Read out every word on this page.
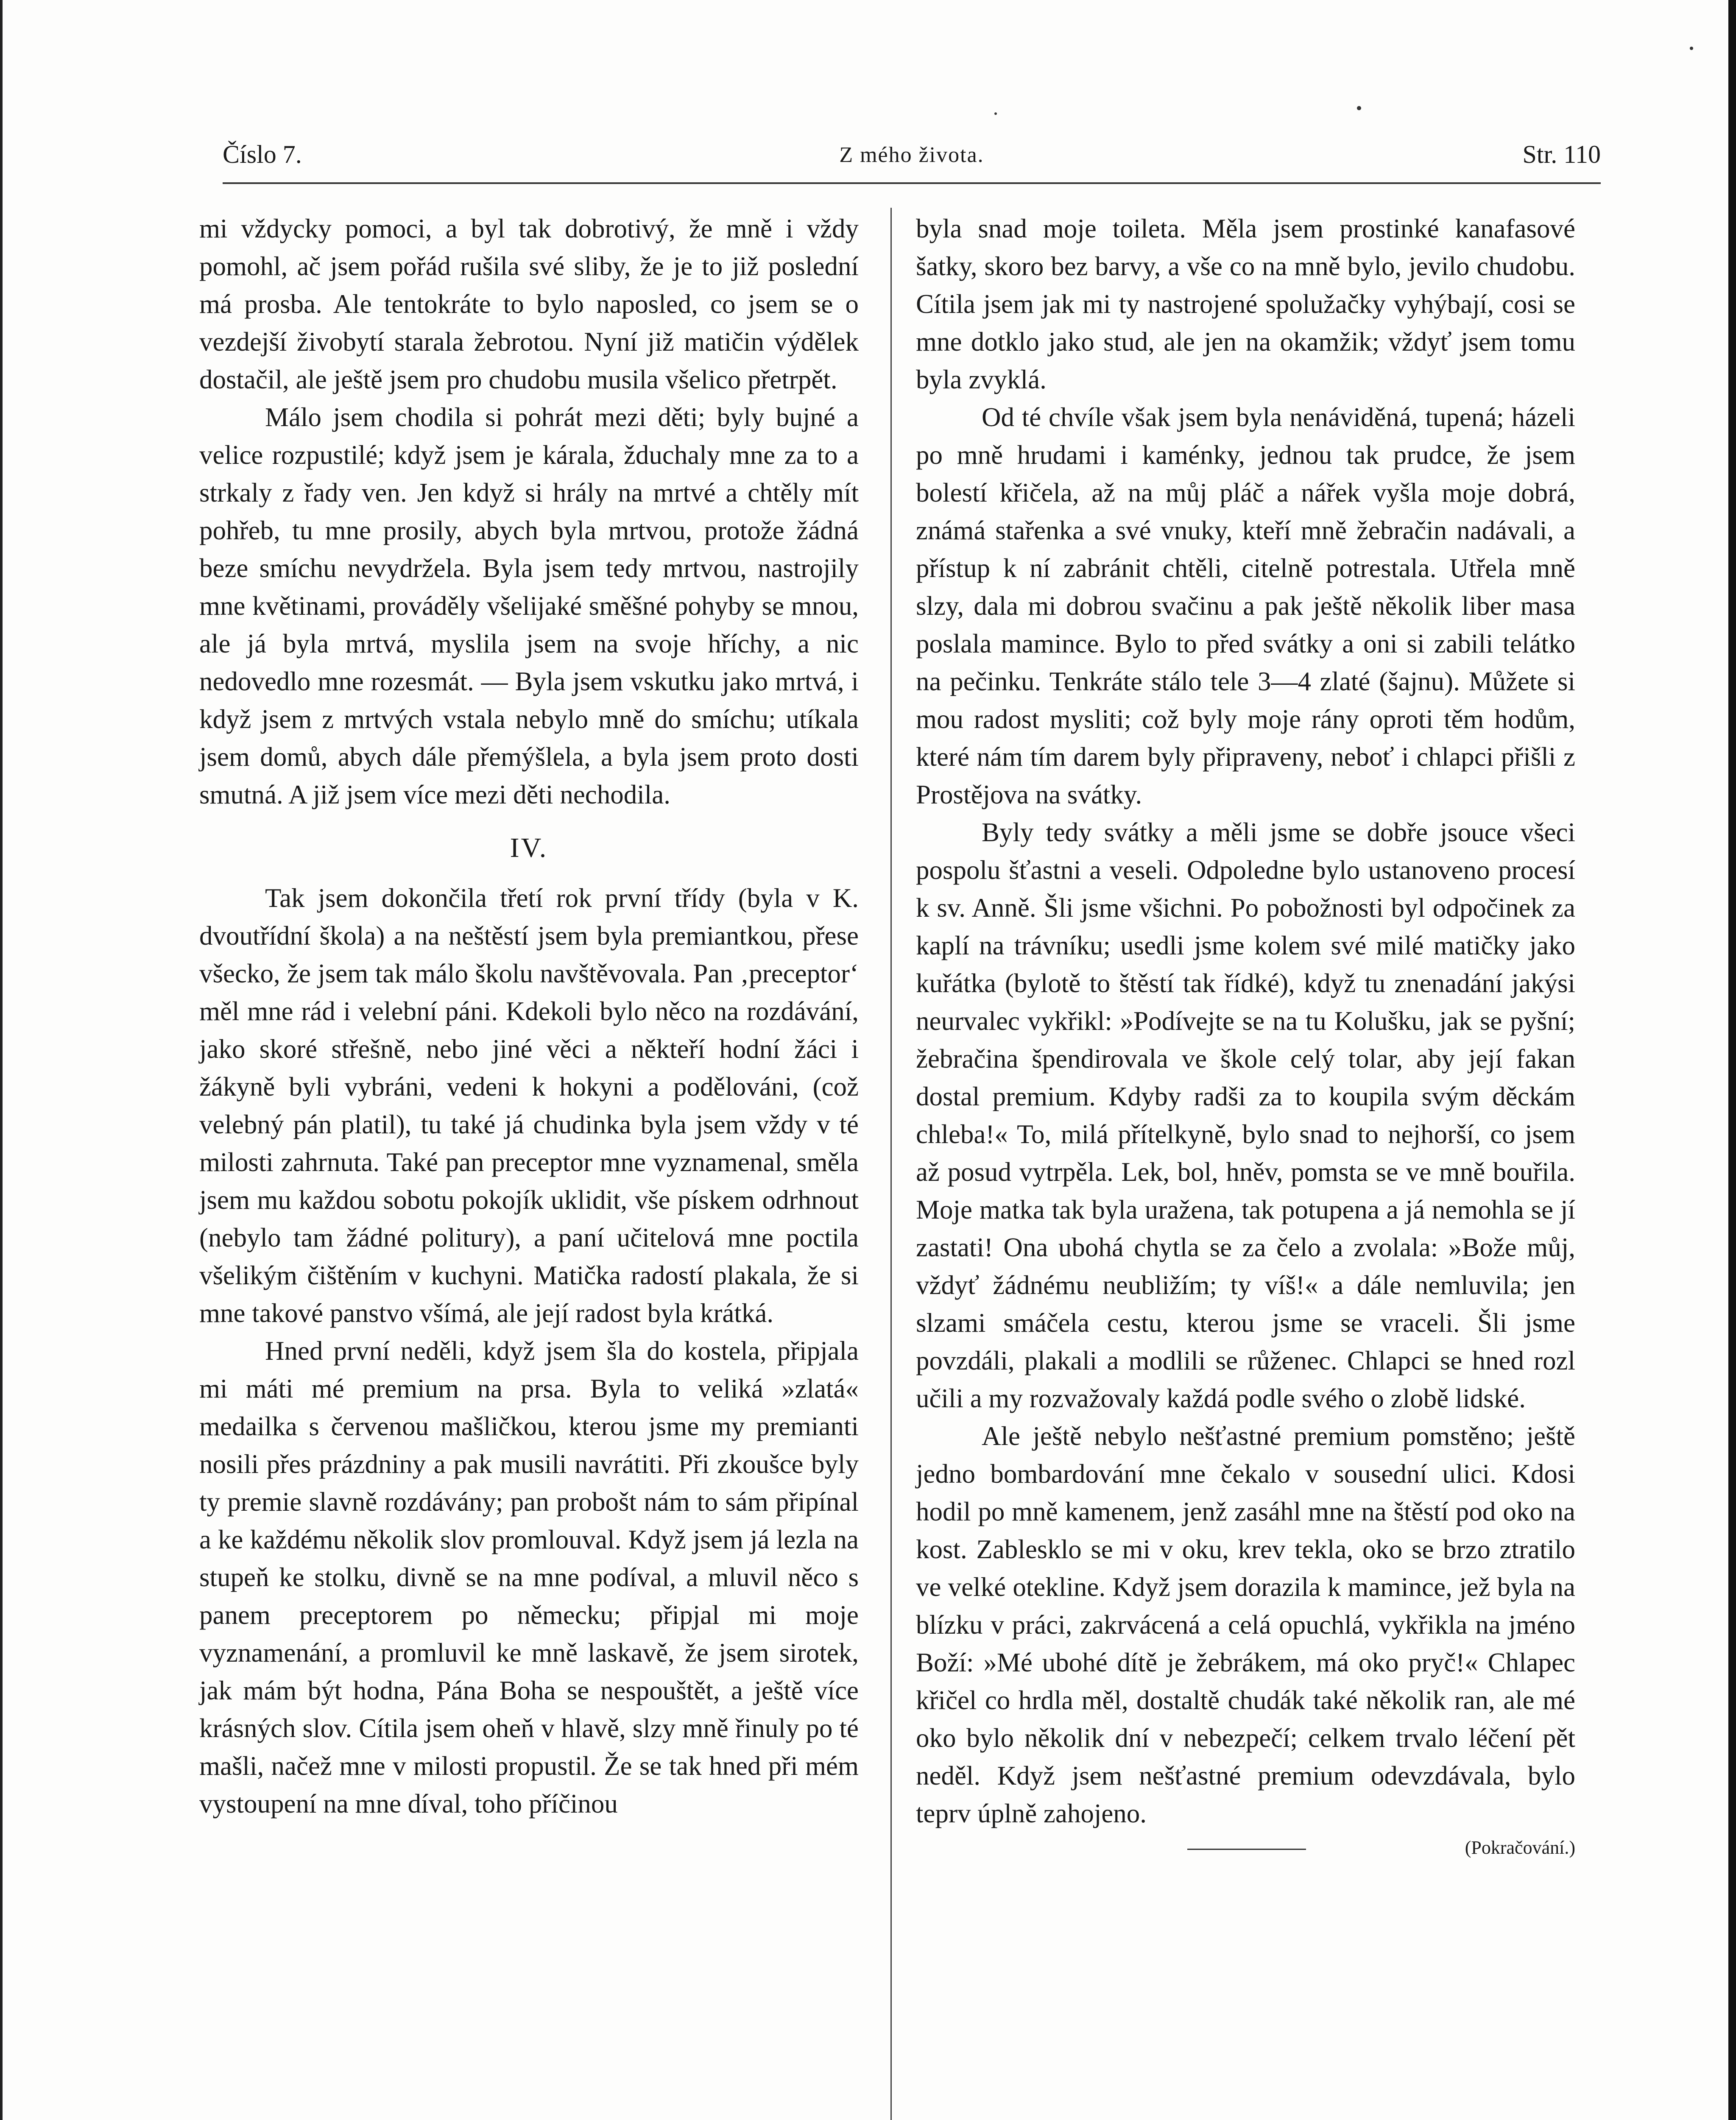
Číslo 7.	Z mého života.	Str. 110

mi vždycky pomoci, a byl tak dobrotivý, že mně i vždy pomohl, ač jsem pořád rušila své sliby, že je to již poslední má prosba. Ale tentokráte to bylo naposled, co jsem se o vezdejší živobytí starala žebrotou. Nyní již matičin výdělek dostačil, ale ještě jsem pro chudobu musila všelico přetrpět.

Málo jsem chodila si pohrát mezi děti; byly bujné a velice rozpustilé; když jsem je kárala, žduchaly mne za to a strkaly z řady ven. Jen když si hrály na mrtvé a chtěly mít pohřeb, tu mne prosily, abych byla mrtvou, protože žádná beze smíchu nevydržela. Byla jsem tedy mrtvou, nastrojily mne květinami, prováděly všelijaké směšné pohyby se mnou, ale já byla mrtvá, myslila jsem na svoje hříchy, a nic nedovedlo mne rozesmát. — Byla jsem vskutku jako mrtvá, i když jsem z mrtvých vstala nebylo mně do smíchu; utíkala jsem domů, abych dále přemýšlela, a byla jsem proto dosti smutná. A již jsem více mezi děti nechodila.

IV.

Tak jsem dokončila třetí rok první třídy (byla v K. dvoutřídní škola) a na neštěstí jsem byla premiantkou, přese všecko, že jsem tak málo školu navštěvovala. Pan ‚preceptor‘ měl mne rád i velební páni. Kdekoli bylo něco na rozdávání, jako skoré střešně, nebo jiné věci a někteří hodní žáci i žákyně byli vybráni, vedeni k hokyni a podělováni, (což velebný pán platil), tu také já chudinka byla jsem vždy v té milosti zahrnuta. Také pan preceptor mne vyznamenal, směla jsem mu každou sobotu pokojík uklidit, vše pískem odrhnout (nebylo tam žádné politury), a paní učitelová mne poctila všelikým čištěním v kuchyni. Matička radostí plakala, že si mne takové panstvo všímá, ale její radost byla krátká.

Hned první neděli, když jsem šla do kostela, připjala mi máti mé premium na prsa. Byla to veliká »zlatá« medailka s červenou mašličkou, kterou jsme my premianti nosili přes prázdniny a pak musili navrátiti. Při zkoušce byly ty premie slavně rozdávány; pan probošt nám to sám připínal a ke každému několik slov promlouval. Když jsem já lezla na stupeň ke stolku, divně se na mne podíval, a mluvil něco s panem preceptorem po německu; připjal mi moje vyznamenání, a promluvil ke mně laskavě, že jsem sirotek, jak mám být hodna, Pána Boha se nespouštět, a ještě více krásných slov. Cítila jsem oheň v hlavě, slzy mně řinuly po té mašli, načež mne v milosti propustil. Že se tak hned při mém vystoupení na mne díval, toho příčinou

byla snad moje toileta. Měla jsem prostinké kanafasové šatky, skoro bez barvy, a vše co na mně bylo, jevilo chudobu. Cítila jsem jak mi ty nastrojené spolužačky vyhýbají, cosi se mne dotklo jako stud, ale jen na okamžik; vždyť jsem tomu byla zvyklá.

Od té chvíle však jsem byla nenáviděná, tupená; házeli po mně hrudami i kaménky, jednou tak prudce, že jsem bolestí křičela, až na můj pláč a nářek vyšla moje dobrá, známá stařenka a své vnuky, kteří mně žebračin nadávali, a přístup k ní zabránit chtěli, citelně potrestala. Utřela mně slzy, dala mi dobrou svačinu a pak ještě několik liber masa poslala mamince. Bylo to před svátky a oni si zabili telátko na pečinku. Tenkráte stálo tele 3—4 zlaté (šajnu). Můžete si mou radost mysliti; což byly moje rány oproti těm hodům, které nám tím darem byly připraveny, neboť i chlapci přišli z Prostějova na svátky.

Byly tedy svátky a měli jsme se dobře jsouce všeci pospolu šťastni a veseli. Odpoledne bylo ustanoveno procesí k sv. Anně. Šli jsme všichni. Po pobožnosti byl odpočinek za kaplí na trávníku; usedli jsme kolem své milé matičky jako kuřátka (bylotě to štěstí tak řídké), když tu znenadání jakýsi neurvalec vykřikl: »Podívejte se na tu Kolušku, jak se pyšní; žebračina špendirovala ve škole celý tolar, aby její fakan dostal premium. Kdyby radši za to koupila svým děckám chleba!« To, milá přítelkyně, bylo snad to nejhorší, co jsem až posud vytrpěla. Lek, bol, hněv, pomsta se ve mně bouřila. Moje matka tak byla uražena, tak potupena a já nemohla se jí zastati! Ona ubohá chytla se za čelo a zvolala: »Bože můj, vždyť žádnému neubližím; ty víš!« a dále nemluvila; jen slzami smáčela cestu, kterou jsme se vraceli. Šli jsme povzdáli, plakali a modlili se růženec. Chlapci se hned rozl učili a my rozvažovaly každá podle svého o zlobě lidské.

Ale ještě nebylo nešťastné premium pomstěno; ještě jedno bombardování mne čekalo v sousední ulici. Kdosi hodil po mně kamenem, jenž zasáhl mne na štěstí pod oko na kost. Zablesklo se mi v oku, krev tekla, oko se brzo ztratilo ve velké otekline. Když jsem dorazila k mamince, jež byla na blízku v práci, zakrvácená a celá opuchlá, vykřikla na jméno Boží: »Mé ubohé dítě je žebrákem, má oko pryč!« Chlapec křičel co hrdla měl, dostaltě chudák také několik ran, ale mé oko bylo několik dní v nebezpečí; celkem trvalo léčení pět neděl. Když jsem nešťastné premium odevzdávala, bylo teprv úplně zahojeno.

(Pokračování.)
